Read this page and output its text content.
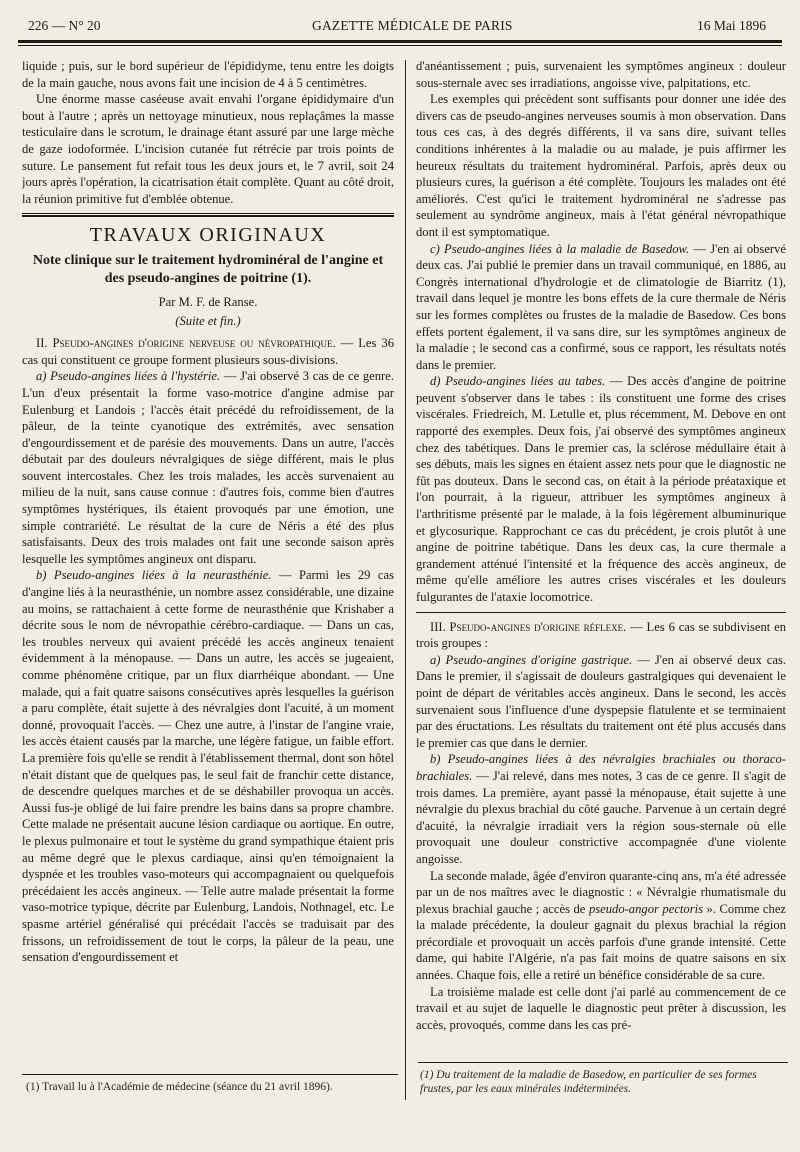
226 — N° 20	GAZETTE MÉDICALE DE PARIS	16 Mai 1896

liquide ; puis, sur le bord supérieur de l'épididyme, tenu entre les doigts de la main gauche, nous avons fait une incision de 4 à 5 centimètres.

Une énorme masse caséeuse avait envahi l'organe épididymaire d'un bout à l'autre ; après un nettoyage minutieux, nous replaçâmes la masse testiculaire dans le scrotum, le drainage étant assuré par une large mèche de gaze iodoformée. L'incision cutanée fut rétrécie par trois points de suture. Le pansement fut refait tous les deux jours et, le 7 avril, soit 24 jours après l'opération, la cicatrisation était complète. Quant au côté droit, la réunion primitive fut d'emblée obtenue.

TRAVAUX ORIGINAUX
Note clinique sur le traitement hydrominéral de l'angine et des pseudo-angines de poitrine (1).
Par M. F. de Ranse.
(Suite et fin.)

II. Pseudo-angines d'origine nerveuse ou névropathique. — Les 36 cas qui constituent ce groupe forment plusieurs sous-divisions.

a) Pseudo-angines liées à l'hystérie. — J'ai observé 3 cas de ce genre. L'un d'eux présentait la forme vaso-motrice d'angine admise par Eulenburg et Landois ; l'accès était précédé du refroidissement, de la pâleur, de la teinte cyanotique des extrémités, avec sensation d'engourdissement et de parésie des mouvements. Dans un autre, l'accès débutait par des douleurs névralgiques de siège différent, mais le plus souvent intercostales. Chez les trois malades, les accès survenaient au milieu de la nuit, sans cause connue : d'autres fois, comme bien d'autres symptômes hystériques, ils étaient provoqués par une émotion, une simple contrariété. Le résultat de la cure de Néris a été des plus satisfaisants. Deux des trois malades ont fait une seconde saison après lesquelle les symptômes angineux ont disparu.

b) Pseudo-angines liées à la neurasthénie. — Parmi les 29 cas d'angine liés à la neurasthénie, un nombre assez considérable, une dizaine au moins, se rattachaient à cette forme de neurasthénie que Krishaber a décrite sous le nom de névropathie cérébro-cardiaque. — Dans un cas, les troubles nerveux qui avaient précédé les accès angineux tenaient évidemment à la ménopause. — Dans un autre, les accès se jugeaient, comme phénomène critique, par un flux diarrhéique abondant. — Une malade, qui a fait quatre saisons consécutives après lesquelles la guérison a paru complète, était sujette à des névralgies dont l'acuité, à un moment donné, provoquait l'accès. — Chez une autre, à l'instar de l'angine vraie, les accès étaient causés par la marche, une légère fatigue, un faible effort. La première fois qu'elle se rendit à l'établissement thermal, dont son hôtel n'était distant que de quelques pas, le seul fait de franchir cette distance, de descendre quelques marches et de se déshabiller provoqua un accès. Aussi fus-je obligé de lui faire prendre les bains dans sa propre chambre. Cette malade ne présentait aucune lésion cardiaque ou aortique. En outre, le plexus pulmonaire et tout le système du grand sympathique étaient pris au même degré que le plexus cardiaque, ainsi qu'en témoignaient la dyspnée et les troubles vaso-moteurs qui accompagnaient ou quelquefois précédaient les accès angineux. — Telle autre malade présentait la forme vaso-motrice typique, décrite par Eulenburg, Landois, Nothnagel, etc. Le spasme artériel généralisé qui précédait l'accès se traduisait par des frissons, un refroidissement de tout le corps, la pâleur de la peau, une sensation d'engourdissement et

(1) Travail lu à l'Académie de médecine (séance du 21 avril 1896).

d'anéantissement ; puis, survenaient les symptômes angineux : douleur sous-sternale avec ses irradiations, angoisse vive, palpitations, etc.

Les exemples qui précèdent sont suffisants pour donner une idée des divers cas de pseudo-angines nerveuses soumis à mon observation. Dans tous ces cas, à des degrés différents, il va sans dire, suivant telles conditions inhérentes à la maladie ou au malade, je puis affirmer les heureux résultats du traitement hydrominéral. Parfois, après deux ou plusieurs cures, la guérison a été complète. Toujours les malades ont été améliorés. C'est qu'ici le traitement hydrominéral ne s'adresse pas seulement au syndrôme angineux, mais à l'état général névropathique dont il est symptomatique.

c) Pseudo-angines liées à la maladie de Basedow. — J'en ai observé deux cas. J'ai publié le premier dans un travail communiqué, en 1886, au Congrès international d'hydrologie et de climatologie de Biarritz (1), travail dans lequel je montre les bons effets de la cure thermale de Néris sur les formes complètes ou frustes de la maladie de Basedow. Ces bons effets portent également, il va sans dire, sur les symptômes angineux de la maladie ; le second cas a confirmé, sous ce rapport, les résultats notés dans le premier.

d) Pseudo-angines liées au tabes. — Des accès d'angine de poitrine peuvent s'observer dans le tabes : ils constituent une forme des crises viscérales. Friedreich, M. Letulle et, plus récemment, M. Debove en ont rapporté des exemples. Deux fois, j'ai observé des symptômes angineux chez des tabétiques. Dans le premier cas, la sclérose médullaire était à ses débuts, mais les signes en étaient assez nets pour que le diagnostic ne fût pas douteux. Dans le second cas, on était à la période préataxique et l'on pourrait, à la rigueur, attribuer les symptômes angineux à l'arthritisme présenté par le malade, à la fois légèrement albuminurique et glycosurique. Rapprochant ce cas du précédent, je crois plutôt à une angine de poitrine tabétique. Dans les deux cas, la cure thermale a grandement atténué l'intensité et la fréquence des accès angineux, de même qu'elle améliore les autres crises viscérales et les douleurs fulgurantes de l'ataxie locomotrice.

III. Pseudo-angines d'origine réflexe. — Les 6 cas se subdivisent en trois groupes :

a) Pseudo-angines d'origine gastrique. — J'en ai observé deux cas. Dans le premier, il s'agissait de douleurs gastralgiques qui devenaient le point de départ de véritables accès angineux. Dans le second, les accès survenaient sous l'influence d'une dyspepsie flatulente et se terminaient par des éructations. Les résultats du traitement ont été plus accusés dans le premier cas que dans le dernier.

b) Pseudo-angines liées à des névralgies brachiales ou thoraco-brachiales. — J'ai relevé, dans mes notes, 3 cas de ce genre. Il s'agit de trois dames. La première, ayant passé la ménopause, était sujette à une névralgie du plexus brachial du côté gauche. Parvenue à un certain degré d'acuité, la névralgie irradiait vers la région sous-sternale où elle provoquait une douleur constrictive accompagnée d'une violente angoisse.

La seconde malade, âgée d'environ quarante-cinq ans, m'a été adressée par un de nos maîtres avec le diagnostic : « Névralgie rhumatismale du plexus brachial gauche ; accès de pseudo-angor pectoris ». Comme chez la malade précédente, la douleur gagnait du plexus brachial la région précordiale et provoquait un accès parfois d'une grande intensité. Cette dame, qui habite l'Algérie, n'a pas fait moins de quatre saisons en six années. Chaque fois, elle a retiré un bénéfice considérable de sa cure.

La troisième malade est celle dont j'ai parlé au commencement de ce travail et au sujet de laquelle le diagnostic peut prêter à discussion, les accès, provoqués, comme dans les cas pré-

(1) Du traitement de la maladie de Basedow, en particulier de ses formes frustes, par les eaux minérales indéterminées.
